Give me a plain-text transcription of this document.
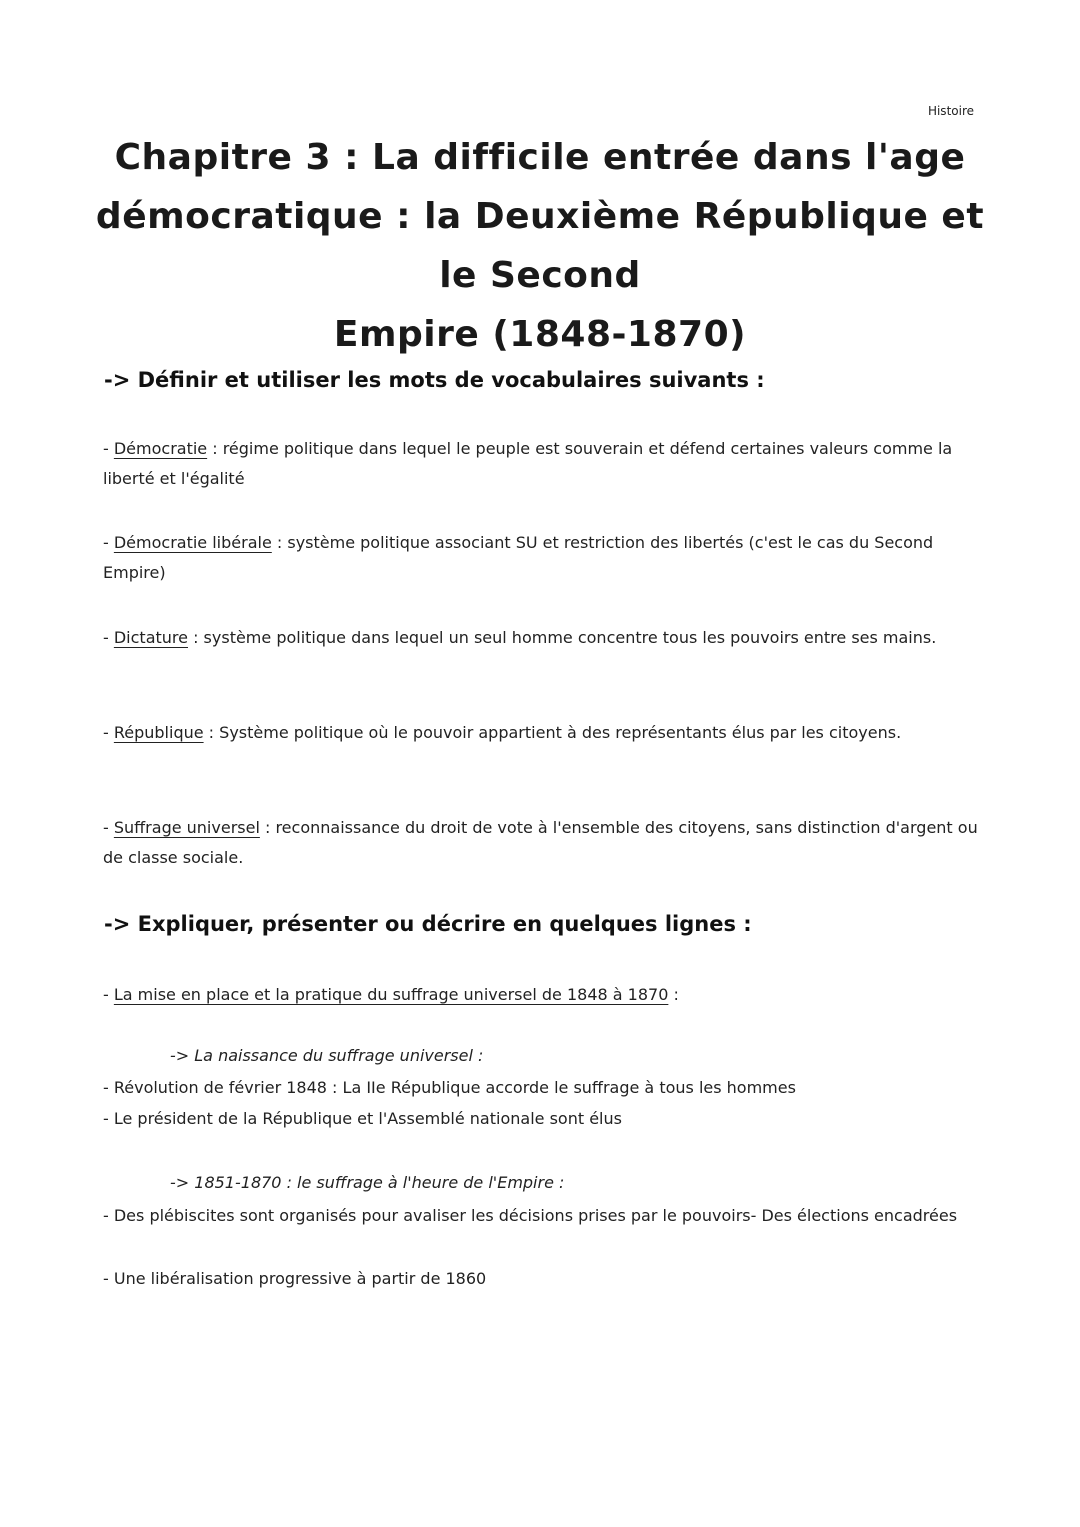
Histoire
Chapitre 3 : La difficile entrée dans l'age
démocratique : la Deuxième République et le Second
Empire (1848-1870)
-> Définir et utiliser les mots de vocabulaires suivants :
- Démocratie : régime politique dans lequel le peuple est souverain et défend certaines valeurs comme la liberté et l'égalité
- Démocratie libérale : système politique associant SU et restriction des libertés (c'est le cas du Second Empire)
- Dictature : système politique dans lequel un seul homme concentre tous les pouvoirs entre ses mains.
- République : Système politique où le pouvoir appartient à des représentants élus par les citoyens.
- Suffrage universel : reconnaissance du droit de vote à l'ensemble des citoyens, sans distinction d'argent ou de classe sociale.
-> Expliquer, présenter ou décrire en quelques lignes :
- La mise en place et la pratique du suffrage universel de 1848 à 1870 :
-> La naissance du suffrage universel :
- Révolution de février 1848 : La IIe République accorde le suffrage à tous les hommes
- Le président de la République et l'Assemblé nationale sont élus
-> 1851-1870 : le suffrage à l'heure de l'Empire :
- Des plébiscites sont organisés pour avaliser les décisions prises par le pouvoirs- Des élections encadrées
- Une libéralisation progressive à partir de 1860
